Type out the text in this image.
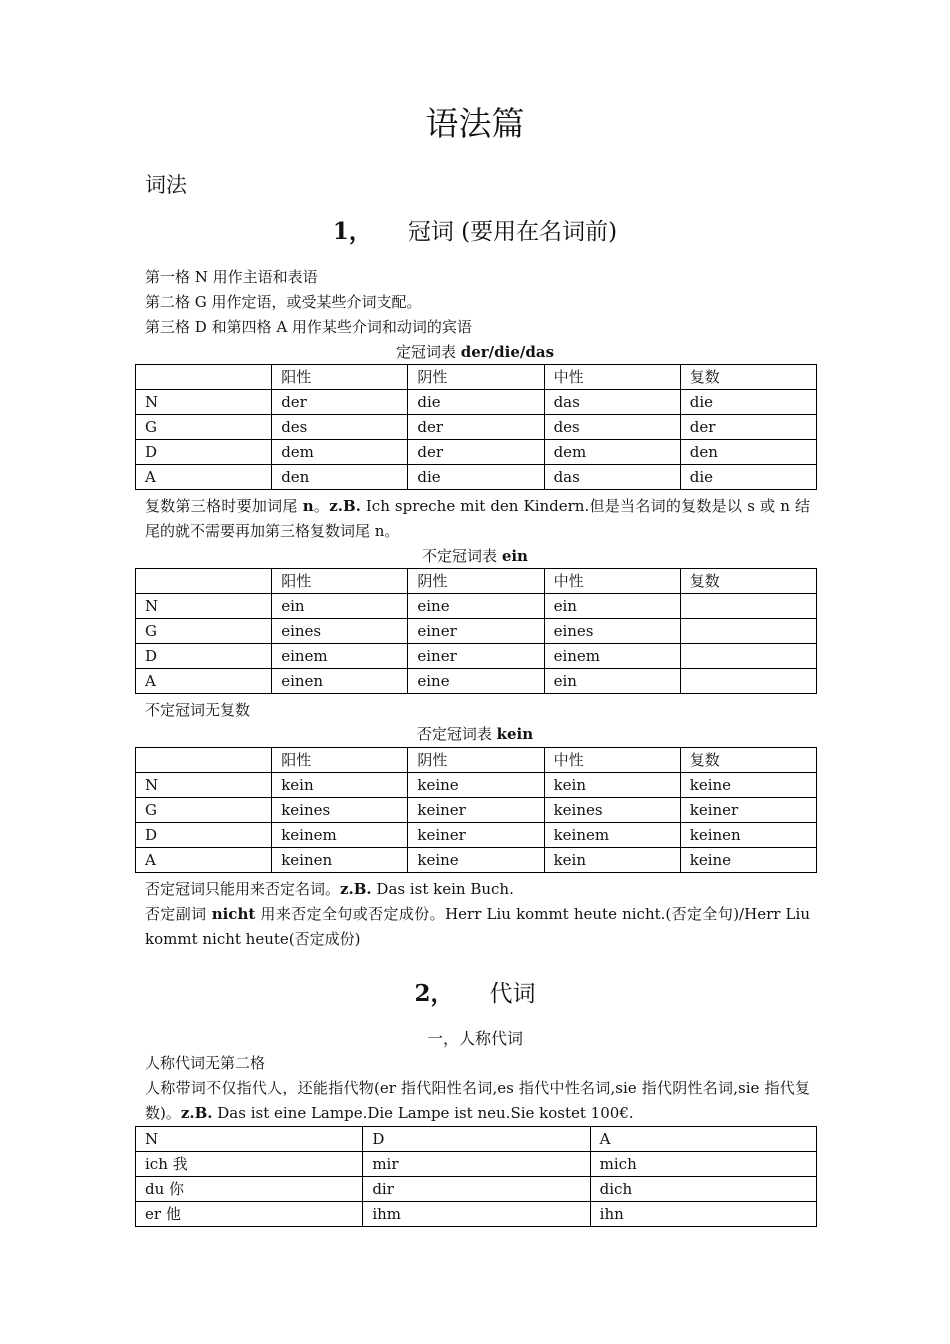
语法篇
词法
1， 冠词 (要用在名词前)
第一格 N 用作主语和表语
第二格 G 用作定语，或受某些介词支配。
第三格 D 和第四格 A 用作某些介词和动词的宾语
定冠词表 der/die/das
	阳性	阴性	中性	复数
N	der	die	das	die
G	des	der	des	der
D	dem	der	dem	den
A	den	die	das	die
复数第三格时要加词尾 n。z.B. Ich spreche mit den Kindern.但是当名词的复数是以 s 或 n 结尾的就不需要再加第三格复数词尾 n。
不定冠词表 ein
	阳性	阴性	中性	复数
N	ein	eine	ein	
G	eines	einer	eines	
D	einem	einer	einem	
A	einen	eine	ein	
不定冠词无复数
否定冠词表 kein
	阳性	阴性	中性	复数
N	kein	keine	kein	keine
G	keines	keiner	keines	keiner
D	keinem	keiner	keinem	keinen
A	keinen	keine	kein	keine
否定冠词只能用来否定名词。z.B. Das ist kein Buch.
否定副词 nicht 用来否定全句或否定成份。Herr Liu kommt heute nicht.(否定全句)/Herr Liu kommt nicht heute(否定成份)
2， 代词
一，人称代词
人称代词无第二格
人称带词不仅指代人，还能指代物(er 指代阳性名词,es 指代中性名词,sie 指代阴性名词,sie 指代复数)。z.B. Das ist eine Lampe.Die Lampe ist neu.Sie kostet 100€.
N	D	A
ich 我	mir	mich
du 你	dir	dich
er 他	ihm	ihn
